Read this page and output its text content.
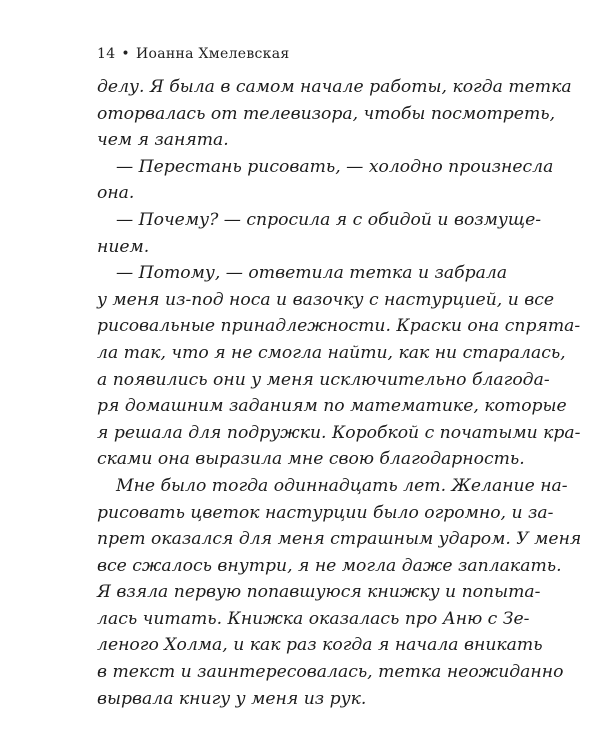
14 • Иоанна Хмелевская
делу. Я была в самом начале работы, когда тетка
оторвалась от телевизора, чтобы посмотреть,
чем я занята.
— Перестань рисовать, — холодно произнесла
она.
— Почему? — спросила я с обидой и возмуще-
нием.
— Потому, — ответила тетка и забрала
у меня из-под носа и вазочку с настурцией, и все
рисовальные принадлежности. Краски она спрята-
ла так, что я не смогла найти, как ни старалась,
а появились они у меня исключительно благода-
ря домашним заданиям по математике, которые
я решала для подружки. Коробкой с початыми кра-
сками она выразила мне свою благодарность.
Мне было тогда одиннадцать лет. Желание на-
рисовать цветок настурции было огромно, и за-
прет оказался для меня страшным ударом. У меня
все сжалось внутри, я не могла даже заплакать.
Я взяла первую попавшуюся книжку и попыта-
лась читать. Книжка оказалась про Аню с Зе-
леного Холма, и как раз когда я начала вникать
в текст и заинтересовалась, тетка неожиданно
вырвала книгу у меня из рук.
